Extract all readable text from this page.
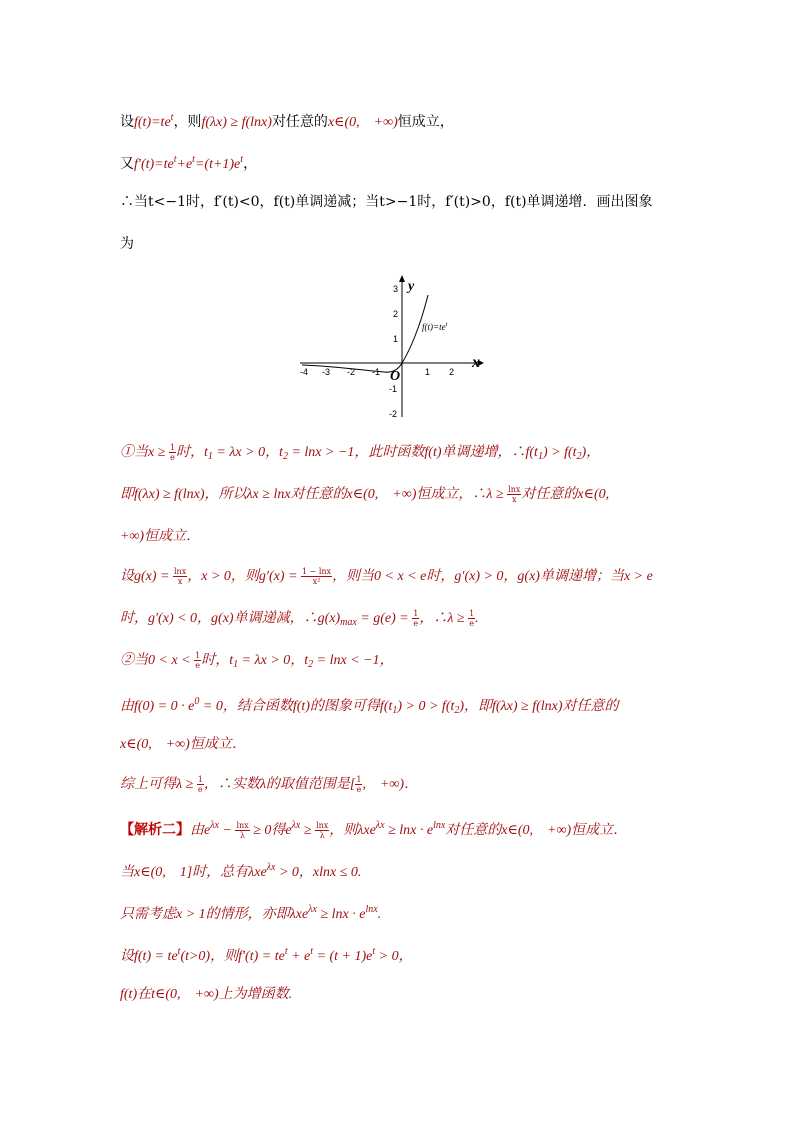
设$f(t)=te^t$，则f(λx) ≥ f(lnx)对任意的x∈(0,　+∞)恒成立，
又$f'(t)=te^t+e^t=(t+1)e^t$，
∴当t<−1时，f′(t)<0，f(t)单调递减；当t>−1时，f′(t)>0，f(t)单调递增．画出图象
为
y
x
O
-4 -3 -2 -1	1 2
3
2
1
-1
-2
$f(t)=te^t$
①当$x \ge \frac{1}{e}$ 时，$t_1 = \lambda x > 0$，$t_2 = \ln x > -1$，此时函数f(t)单调递增，$\therefore f(t_1) > f(t_2)$，
即f(λx) ≥ f(lnx)，所以λx ≥ lnx对任意的x∈(0,　+∞)恒成立，∴λ ≥ $\frac{\ln x}{x}$ 对任意的x∈(0,
+∞)恒成立．
设$g(x) = \frac{\ln x}{x}$ ，x > 0，则$g'(x) = \frac{1 - \ln x}{\text{x²}}$ ，则当0 < x < e时，g′(x) > 0，g(x)单调递增；当x > e
时，g′(x) < 0，g(x)单调递减，$\therefore g(x)_{max} = g(e) = \frac{1}{e}$ ，∴λ ≥ $\frac{1}{e}$ .
②当$0 < x < \frac{1}{e}$ 时，$t_1 = \lambda x > 0$，$t_2 = \ln x < -1$，
由$f(0) = 0 \cdot e^0 = 0$，结合函数f(t)的图象可得$f(t_1) > 0 > f(t_2)$，即f(λx) ≥ f(lnx)对任意的
x∈(0,　+∞)恒成立．
综上可得$\lambda \ge \frac{1}{e}$ ，∴实数λ的取值范围是[ $\frac{1}{e}$ ,　+∞)．
【解析二】由$e^{\lambda x} - \frac{\ln x}{\lambda} \ge 0$得$e^{\lambda x} \ge \frac{\ln x}{\lambda}$ ，则$\lambda xe^{\lambda x} \ge \ln x \cdot e^{lnx}$对任意的x∈(0,　+∞)恒成立．
当x∈(0,　1]时，总有λxe$^{\lambda x}$ > 0，xlnx ≤ 0.
只需考虑x > 1的情形，亦即$\lambda xe^{\lambda x} \ge \ln x \cdot e^{lnx}$.
设$f(t) = te^t(t>0)$，则$f'(t) = te^t + e^t = (t + 1)e^t > 0$，
f(t)在t∈(0,　+∞)上为增函数.
